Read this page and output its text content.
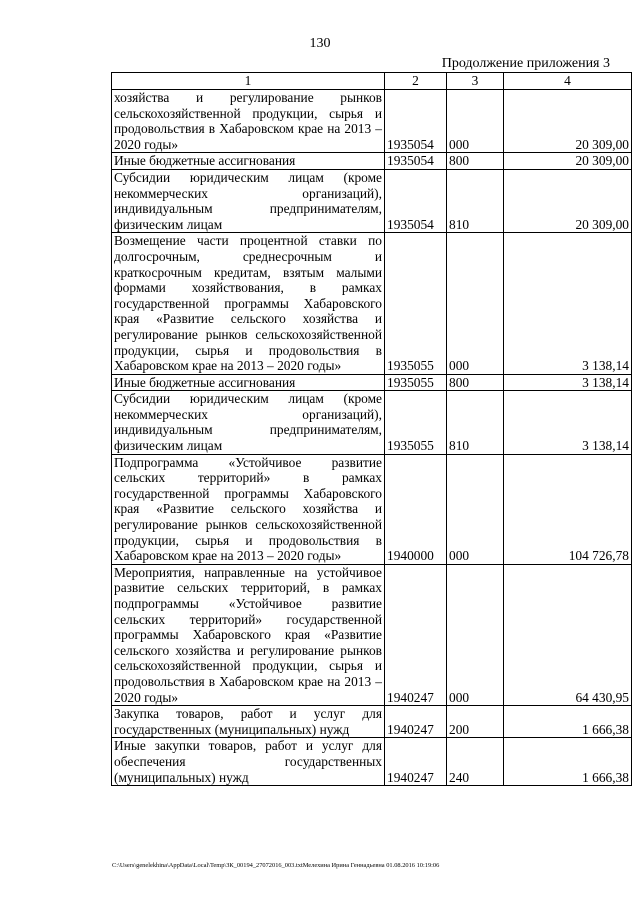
130
Продолжение приложения 3
1	2	3	4
хозяйства и регулирование рынков сельскохозяйственной продукции, сырья и продовольствия в Хабаровском крае на 2013 – 2020 годы»	1935054	000	20 309,00
Иные бюджетные ассигнования	1935054	800	20 309,00
Субсидии юридическим лицам (кроме некоммерческих организаций), индивидуальным предпринимателям, физическим лицам	1935054	810	20 309,00
Возмещение части процентной ставки по долгосрочным, среднесрочным и краткосрочным кредитам, взятым малыми формами хозяйствования, в рамках государственной программы Хабаровского края «Развитие сельского хозяйства и регулирование рынков сельскохозяйственной продукции, сырья и продовольствия в Хабаровском крае на 2013 – 2020 годы»	1935055	000	3 138,14
Иные бюджетные ассигнования	1935055	800	3 138,14
Субсидии юридическим лицам (кроме некоммерческих организаций), индивидуальным предпринимателям, физическим лицам	1935055	810	3 138,14
Подпрограмма «Устойчивое развитие сельских территорий» в рамках государственной программы Хабаровского края «Развитие сельского хозяйства и регулирование рынков сельскохозяйственной продукции, сырья и продовольствия в Хабаровском крае на 2013 – 2020 годы»	1940000	000	104 726,78
Мероприятия, направленные на устойчивое развитие сельских территорий, в рамках подпрограммы «Устойчивое развитие сельских территорий» государственной программы Хабаровского края «Развитие сельского хозяйства и регулирование рынков сельскохозяйственной продукции, сырья и продовольствия в Хабаровском крае на 2013 – 2020 годы»	1940247	000	64 430,95
Закупка товаров, работ и услуг для государственных (муниципальных) нужд	1940247	200	1 666,38
Иные закупки товаров, работ и услуг для обеспечения государственных (муниципальных) нужд	1940247	240	1 666,38
C:\Users\genelekhina\AppData\Local\Temp\ЗК_00194_27072016_003.txtМелехина Ирина Геннадьевна 01.08.2016 10:19:06
